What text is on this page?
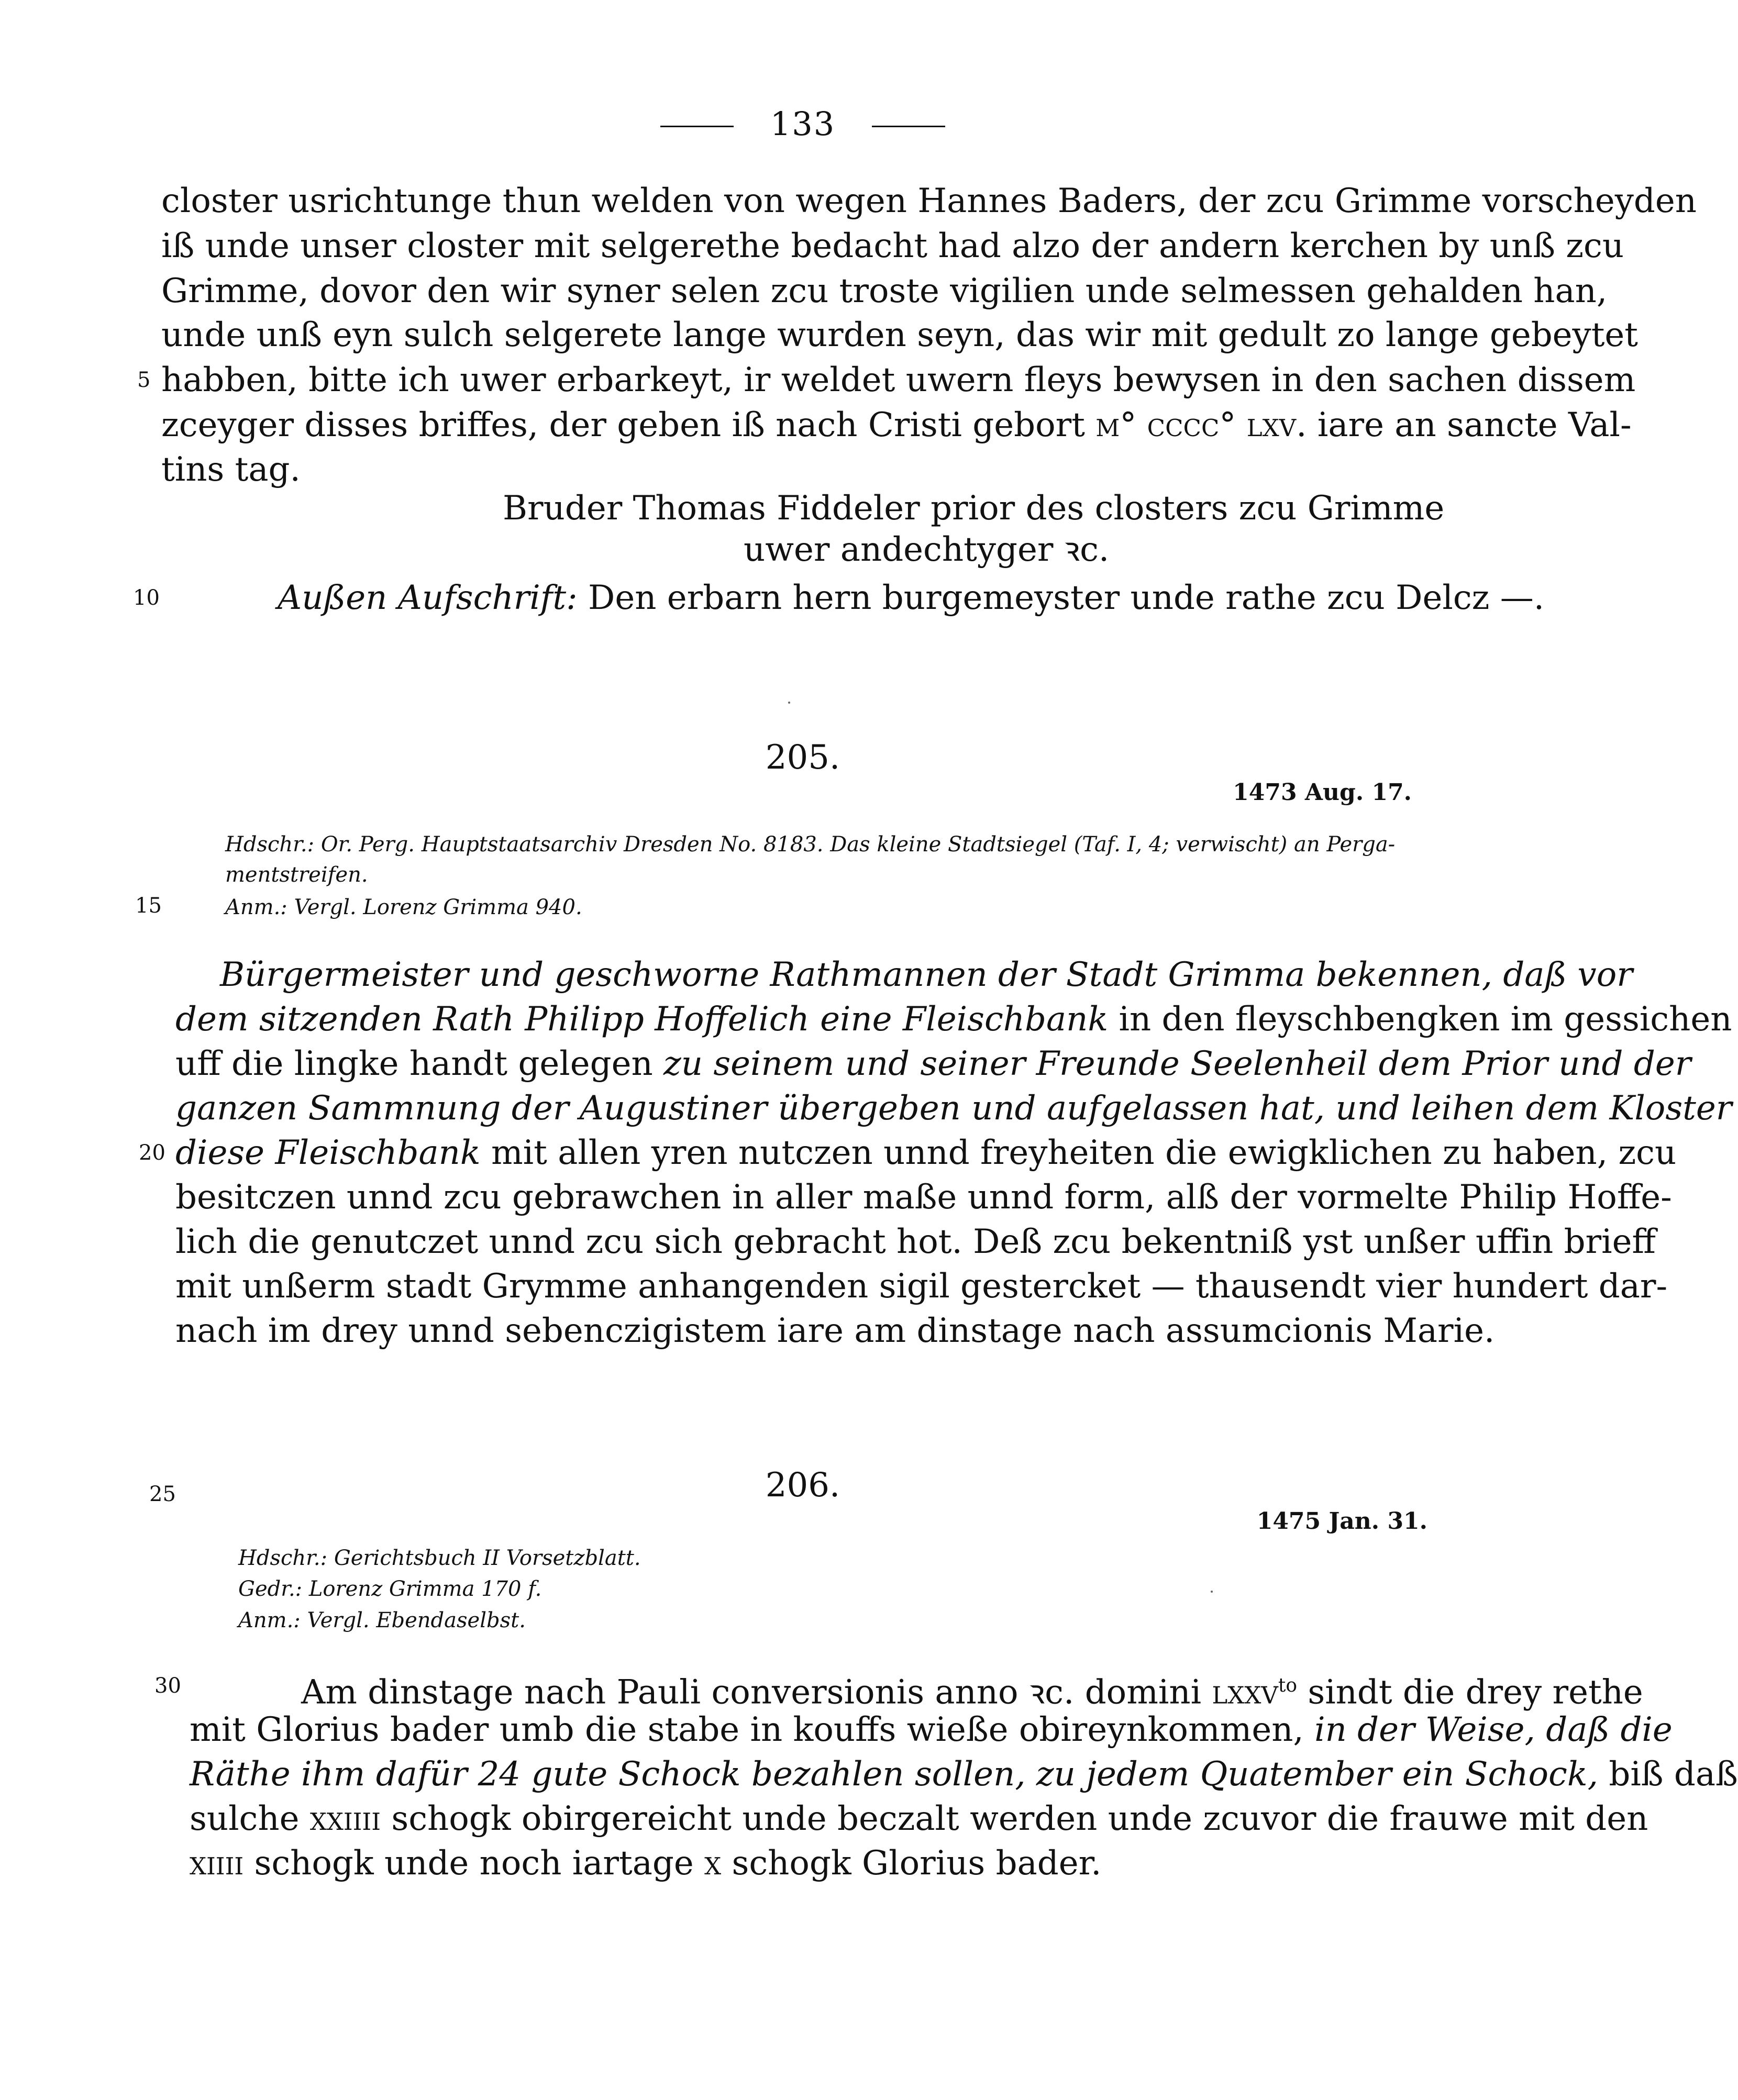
133
closter usrichtunge thun welden von wegen Hannes Baders, der zcu Grimme vorscheyden
iß unde unser closter mit selgerethe bedacht had alzo der andern kerchen by unß zcu
Grimme, dovor den wir syner selen zcu troste vigilien unde selmessen gehalden han,
unde unß eyn sulch selgerete lange wurden seyn, das wir mit gedult zo lange gebeytet
5 habben, bitte ich uwer erbarkeyt, ir weldet uwern fleys bewysen in den sachen dissem
zceyger disses briffes, der geben iß nach Cristi gebort m° cccc° lxv. iare an sancte Val-
tins tag.
Bruder Thomas Fiddeler prior des closters zcu Grimme
uwer andechtyger ꝛc.
10	Außen Aufschrift: Den erbarn hern burgemeyster unde rathe zcu Delcz —.
205.
1473 Aug. 17.
Hdschr.: Or. Perg. Hauptstaatsarchiv Dresden No. 8183. Das kleine Stadtsiegel (Taf. I, 4; verwischt) an Perga-
mentstreifen.
15	Anm.: Vergl. Lorenz Grimma 940.
Bürgermeister und geschworne Rathmannen der Stadt Grimma bekennen, daß vor
dem sitzenden Rath Philipp Hoffelich eine Fleischbank in den fleyschbengken im gessichen
uff die lingke handt gelegen zu seinem und seiner Freunde Seelenheil dem Prior und der
ganzen Sammnung der Augustiner übergeben und aufgelassen hat, und leihen dem Kloster
20 diese Fleischbank mit allen yren nutczen unnd freyheiten die ewigklichen zu haben, zcu
besitczen unnd zcu gebrawchen in aller maße unnd form, alß der vormelte Philip Hoffe-
lich die genutczet unnd zcu sich gebracht hot. Deß zcu bekentniß yst unßer uffin brieff
mit unßerm stadt Grymme anhangenden sigil gestercket — thausendt vier hundert dar-
nach im drey unnd sebenczigistem iare am dinstage nach assumcionis Marie.
25	206.
1475 Jan. 31.
Hdschr.: Gerichtsbuch II Vorsetzblatt.
Gedr.: Lorenz Grimma 170 f.
Anm.: Vergl. Ebendaselbst.
30	Am dinstage nach Pauli conversionis anno ꝛc. domini lxxv$^{to}$ sindt die drey rethe
mit Glorius bader umb die stabe in kouffs wieße obireynkommen, in der Weise, daß die
Räthe ihm dafür 24 gute Schock bezahlen sollen, zu jedem Quatember ein Schock, biß daß
sulche xxiiii schogk obirgereicht unde beczalt werden unde zcuvor die frauwe mit den
xiiii schogk unde noch iartage x schogk Glorius bader.
